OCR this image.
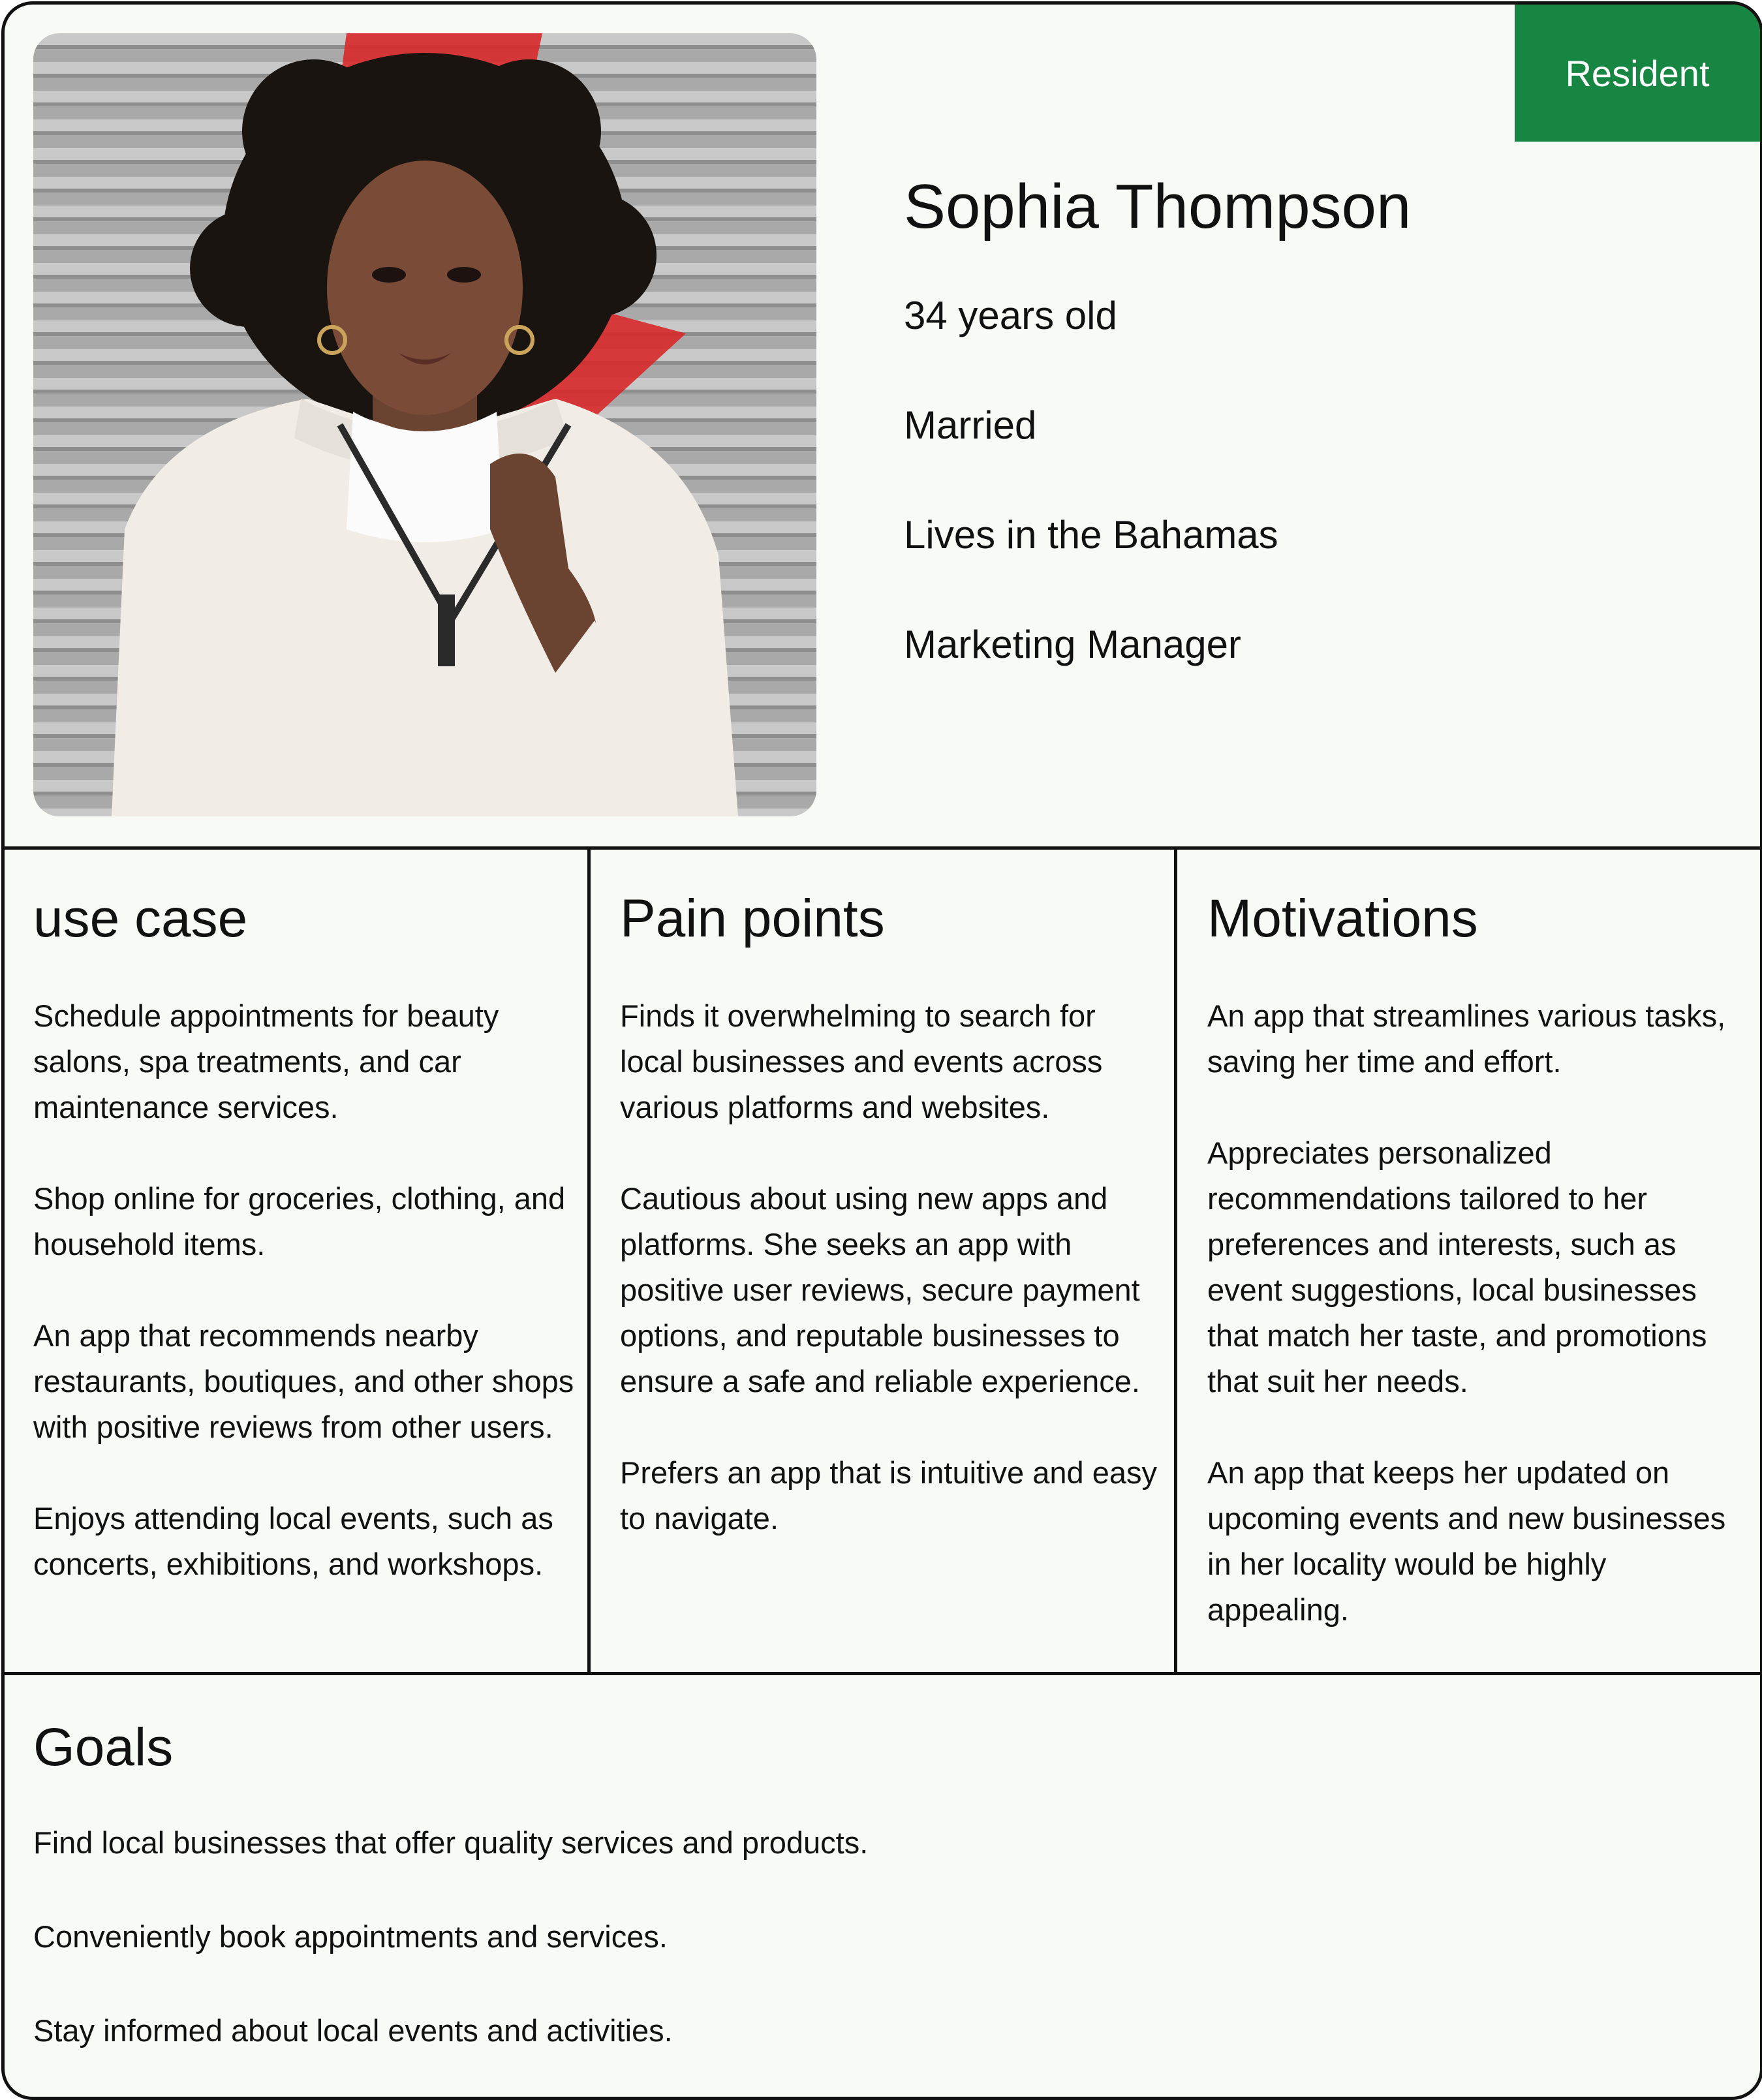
Resident
Sophia Thompson
34 years old
Married
Lives in the Bahamas
Marketing Manager
use case

Schedule appointments for beauty salons, spa treatments, and car maintenance services.

Shop online for groceries, clothing, and household items.

An app that recommends nearby restaurants, boutiques, and other shops with positive reviews from other users.

Enjoys attending local events, such as concerts, exhibitions, and workshops.

Pain points

Finds it overwhelming to search for local businesses and events across various platforms and websites.

Cautious about using new apps and platforms. She seeks an app with positive user reviews, secure payment options, and reputable businesses to ensure a safe and reliable experience.

Prefers an app that is intuitive and easy to navigate.

Motivations

An app that streamlines various tasks, saving her time and effort.

Appreciates personalized recommendations tailored to her preferences and interests, such as event suggestions, local businesses that match her taste, and promotions that suit her needs.

An app that keeps her updated on upcoming events and new businesses in her locality would be highly appealing.

Goals

Find local businesses that offer quality services and products.

Conveniently book appointments and services.

Stay informed about local events and activities.
